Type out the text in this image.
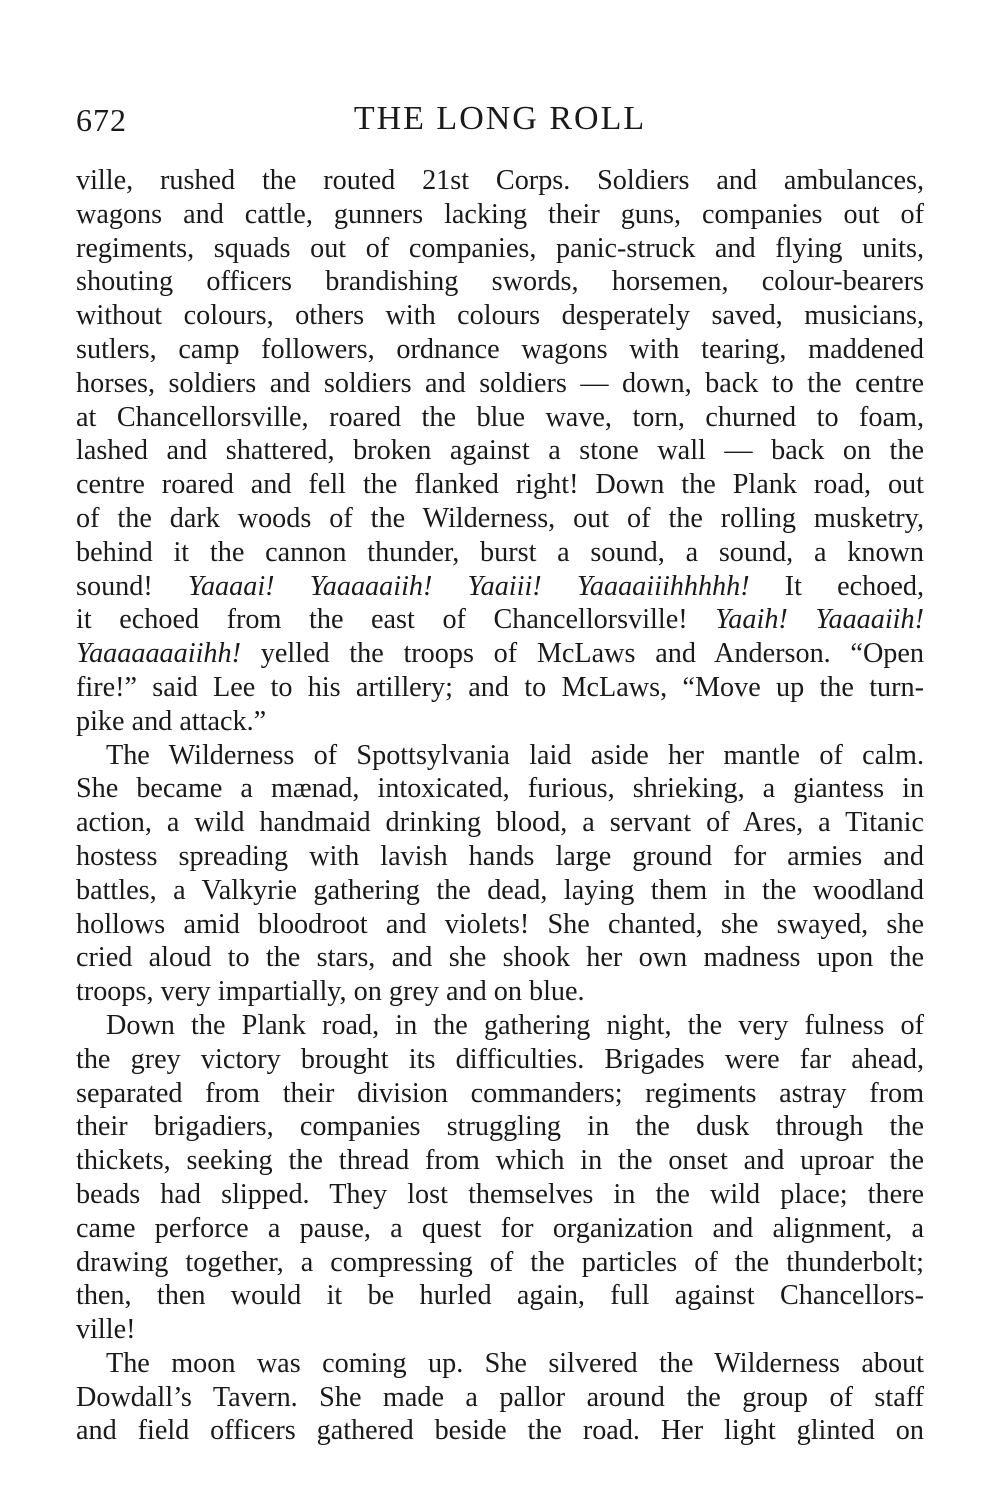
672	THE LONG ROLL

ville, rushed the routed 21st Corps. Soldiers and ambulances,
wagons and cattle, gunners lacking their guns, companies out of
regiments, squads out of companies, panic-struck and flying units,
shouting officers brandishing swords, horsemen, colour-bearers
without colours, others with colours desperately saved, musicians,
sutlers, camp followers, ordnance wagons with tearing, maddened
horses, soldiers and soldiers and soldiers — down, back to the centre
at Chancellorsville, roared the blue wave, torn, churned to foam,
lashed and shattered, broken against a stone wall — back on the
centre roared and fell the flanked right! Down the Plank road, out
of the dark woods of the Wilderness, out of the rolling musketry,
behind it the cannon thunder, burst a sound, a sound, a known
sound! Yaaaai! Yaaaaaiih! Yaaiii! Yaaaaiiihhhhh! It echoed,
it echoed from the east of Chancellorsville! Yaaih! Yaaaaiih!
Yaaaaaaaiihh! yelled the troops of McLaws and Anderson. “Open
fire!” said Lee to his artillery; and to McLaws, “Move up the turn-
pike and attack.”

The Wilderness of Spottsylvania laid aside her mantle of calm.
She became a mænad, intoxicated, furious, shrieking, a giantess in
action, a wild handmaid drinking blood, a servant of Ares, a Titanic
hostess spreading with lavish hands large ground for armies and
battles, a Valkyrie gathering the dead, laying them in the woodland
hollows amid bloodroot and violets! She chanted, she swayed, she
cried aloud to the stars, and she shook her own madness upon the
troops, very impartially, on grey and on blue.

Down the Plank road, in the gathering night, the very fulness of
the grey victory brought its difficulties. Brigades were far ahead,
separated from their division commanders; regiments astray from
their brigadiers, companies struggling in the dusk through the
thickets, seeking the thread from which in the onset and uproar the
beads had slipped. They lost themselves in the wild place; there
came perforce a pause, a quest for organization and alignment, a
drawing together, a compressing of the particles of the thunderbolt;
then, then would it be hurled again, full against Chancellors-
ville!

The moon was coming up. She silvered the Wilderness about
Dowdall’s Tavern. She made a pallor around the group of staff
and field officers gathered beside the road. Her light glinted on
